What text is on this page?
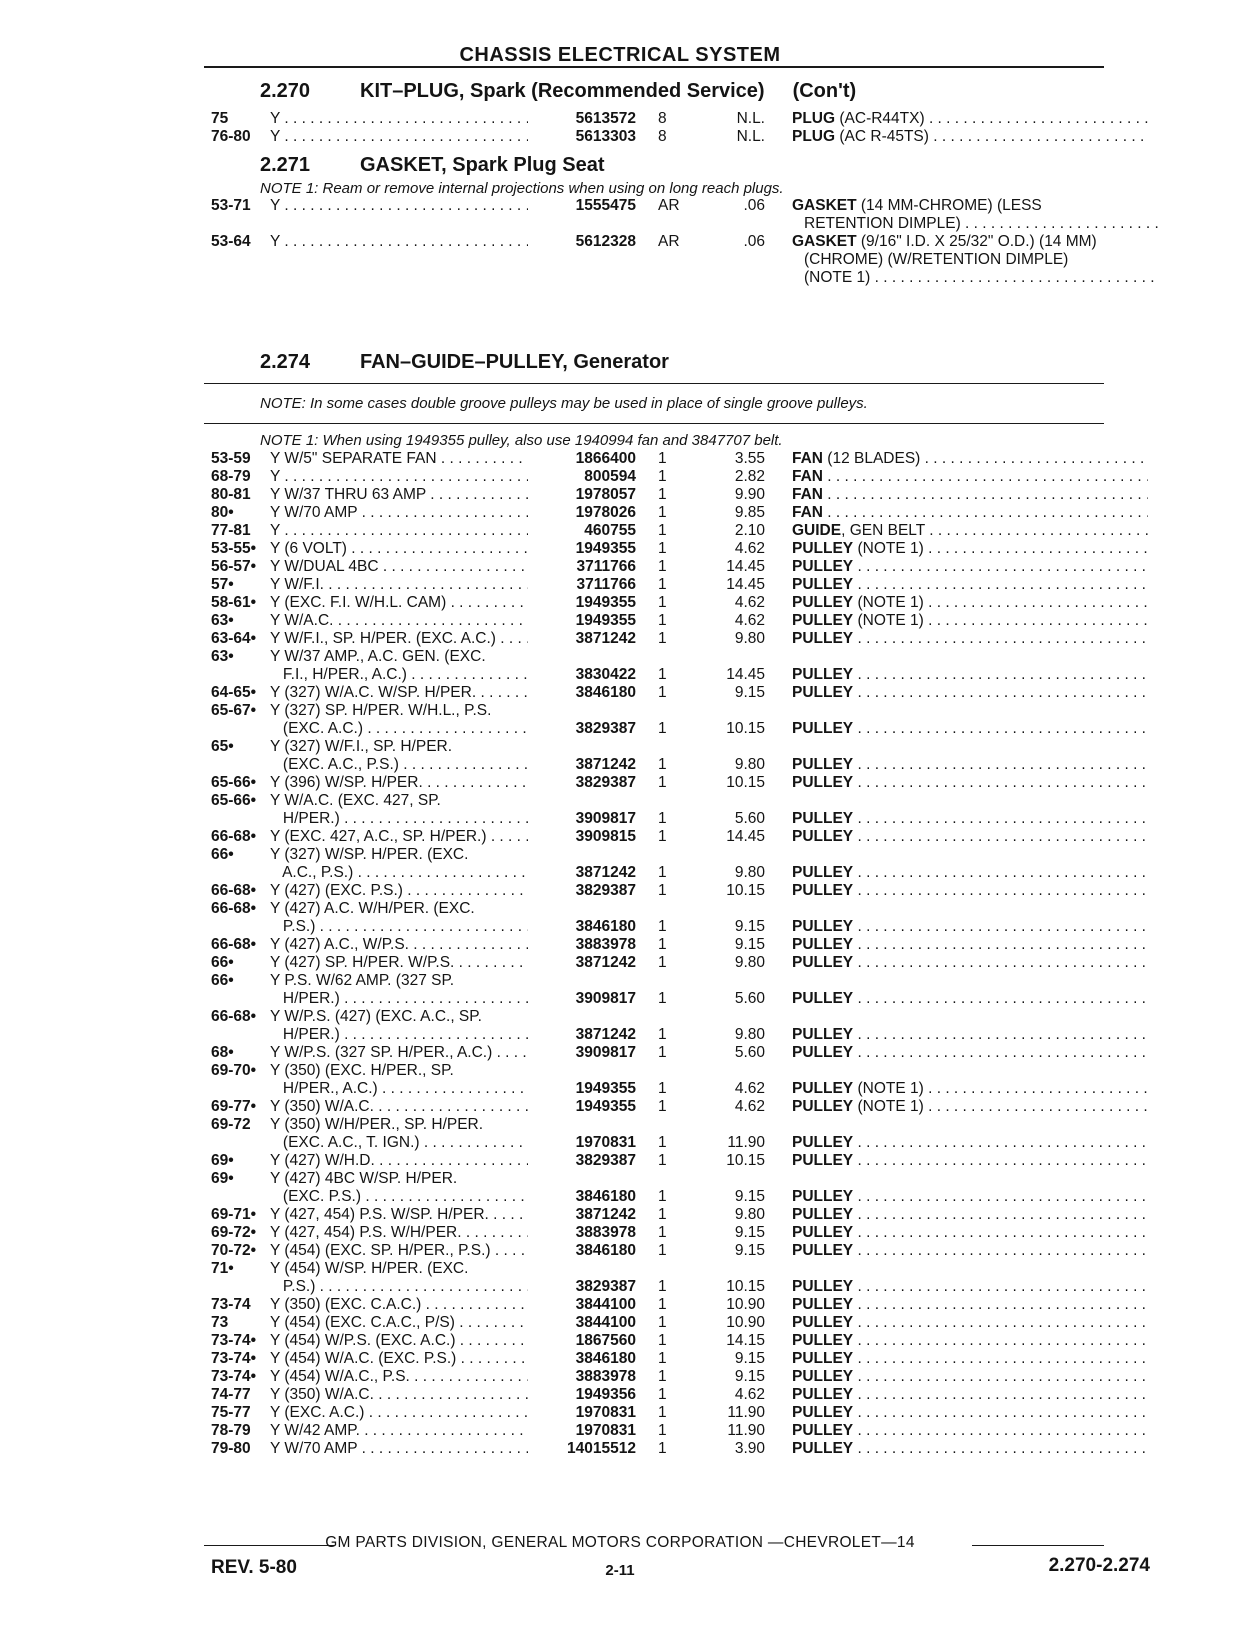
CHASSIS ELECTRICAL SYSTEM
2.270 KIT–PLUG, Spark (Recommended Service) (Con't)
2.271 GASKET, Spark Plug Seat
NOTE 1: Ream or remove internal projections when using on long reach plugs.
2.274 FAN–GUIDE–PULLEY, Generator
NOTE: In some cases double groove pulleys may be used in place of single groove pulleys.
NOTE 1: When using 1949355 pulley, also use 1940994 fan and 3847707 belt.
75	Y . . .	5613572 8	N.L. PLUG (AC-R44TX) . . .
76-80 Y . . .	5613303 8	N.L. PLUG (AC R-45TS) . . .
53-71 Y . . .	1555475 AR	.06 GASKET (14 MM-CHROME) (LESS
RETENTION DIMPLE) . . .
53-64 Y . . .	5612328 AR	.06 GASKET (9/16" I.D. X 25/32" O.D.) (14 MM)
(CHROME) (W/RETENTION DIMPLE)
(NOTE 1) . . .
53-59 Y W/5" SEPARATE FAN . . .	1866400 1	3.55 FAN (12 BLADES) . . .
68-79 Y . . .	800594 1	2.82 FAN . . .
80-81 Y W/37 THRU 63 AMP . . .	1978057 1	9.90 FAN . . .
80• Y W/70 AMP . . .	1978026 1	9.85 FAN . . .
77-81 Y . . .	460755 1	2.10 GUIDE, GEN BELT . . .
53-55• Y (6 VOLT) . . .	1949355 1	4.62 PULLEY (NOTE 1) . . .
56-57• Y W/DUAL 4BC . . .	3711766 1	14.45 PULLEY . . .
57• Y W/F.I. . . .	3711766 1	14.45 PULLEY . . .
58-61• Y (EXC. F.I. W/H.L. CAM) . . .	1949355 1	4.62 PULLEY (NOTE 1) . . .
63• Y W/A.C. . . .	1949355 1	4.62 PULLEY (NOTE 1) . . .
63-64• Y W/F.I., SP. H/PER. (EXC. A.C.) . . .	3871242 1	9.80 PULLEY . . .
63• Y W/37 AMP., A.C. GEN. (EXC.
F.I., H/PER., A.C.) . . .	3830422 1	14.45 PULLEY . . .
64-65• Y (327) W/A.C. W/SP. H/PER. . . .	3846180 1	9.15 PULLEY . . .
65-67• Y (327) SP. H/PER. W/H.L., P.S.
(EXC. A.C.) . . .	3829387 1	10.15 PULLEY . . .
65• Y (327) W/F.I., SP. H/PER.
(EXC. A.C., P.S.) . . .	3871242 1	9.80 PULLEY . . .
65-66• Y (396) W/SP. H/PER. . . .	3829387 1	10.15 PULLEY . . .
65-66• Y W/A.C. (EXC. 427, SP.
H/PER.) . . .	3909817 1	5.60 PULLEY . . .
66-68• Y (EXC. 427, A.C., SP. H/PER.) . . .	3909815 1	14.45 PULLEY . . .
66• Y (327) W/SP. H/PER. (EXC.
A.C., P.S.) . . .	3871242 1	9.80 PULLEY . . .
66-68• Y (427) (EXC. P.S.) . . .	3829387 1	10.15 PULLEY . . .
66-68• Y (427) A.C. W/H/PER. (EXC.
P.S.) . . .	3846180 1	9.15 PULLEY . . .
66-68• Y (427) A.C., W/P.S. . . .	3883978 1	9.15 PULLEY . . .
66• Y (427) SP. H/PER. W/P.S. . . .	3871242 1	9.80 PULLEY . . .
66• Y P.S. W/62 AMP. (327 SP.
H/PER.) . . .	3909817 1	5.60 PULLEY . . .
66-68• Y W/P.S. (427) (EXC. A.C., SP.
H/PER.) . . .	3871242 1	9.80 PULLEY . . .
68• Y W/P.S. (327 SP. H/PER., A.C.) . . .	3909817 1	5.60 PULLEY . . .
69-70• Y (350) (EXC. H/PER., SP.
H/PER., A.C.) . . .	1949355 1	4.62 PULLEY (NOTE 1) . . .
69-77• Y (350) W/A.C. . . .	1949355 1	4.62 PULLEY (NOTE 1) . . .
69-72 Y (350) W/H/PER., SP. H/PER.
(EXC. A.C., T. IGN.) . . .	1970831 1	11.90 PULLEY . . .
69• Y (427) W/H.D. . . .	3829387 1	10.15 PULLEY . . .
69• Y (427) 4BC W/SP. H/PER.
(EXC. P.S.) . . .	3846180 1	9.15 PULLEY . . .
69-71• Y (427, 454) P.S. W/SP. H/PER. . . .	3871242 1	9.80 PULLEY . . .
69-72• Y (427, 454) P.S. W/H/PER. . . .	3883978 1	9.15 PULLEY . . .
70-72• Y (454) (EXC. SP. H/PER., P.S.) . . .	3846180 1	9.15 PULLEY . . .
71• Y (454) W/SP. H/PER. (EXC.
P.S.) . . .	3829387 1	10.15 PULLEY . . .
73-74 Y (350) (EXC. C.A.C.) . . .	3844100 1	10.90 PULLEY . . .
73	Y (454) (EXC. C.A.C., P/S) . . .	3844100 1	10.90 PULLEY . . .
73-74• Y (454) W/P.S. (EXC. A.C.) . . .	1867560 1	14.15 PULLEY . . .
73-74• Y (454) W/A.C. (EXC. P.S.) . . .	3846180 1	9.15 PULLEY . . .
73-74• Y (454) W/A.C., P.S. . . .	3883978 1	9.15 PULLEY . . .
74-77 Y (350) W/A.C. . . .	1949356 1	4.62 PULLEY . . .
75-77 Y (EXC. A.C.) . . .	1970831 1	11.90 PULLEY . . .
78-79 Y W/42 AMP. . . .	1970831 1	11.90 PULLEY . . .
79-80 Y W/70 AMP . . .	14015512 1	3.90 PULLEY . . .
GM PARTS DIVISION, GENERAL MOTORS CORPORATION —CHEVROLET—14
REV. 5-80	2-11	2.270-2.274
